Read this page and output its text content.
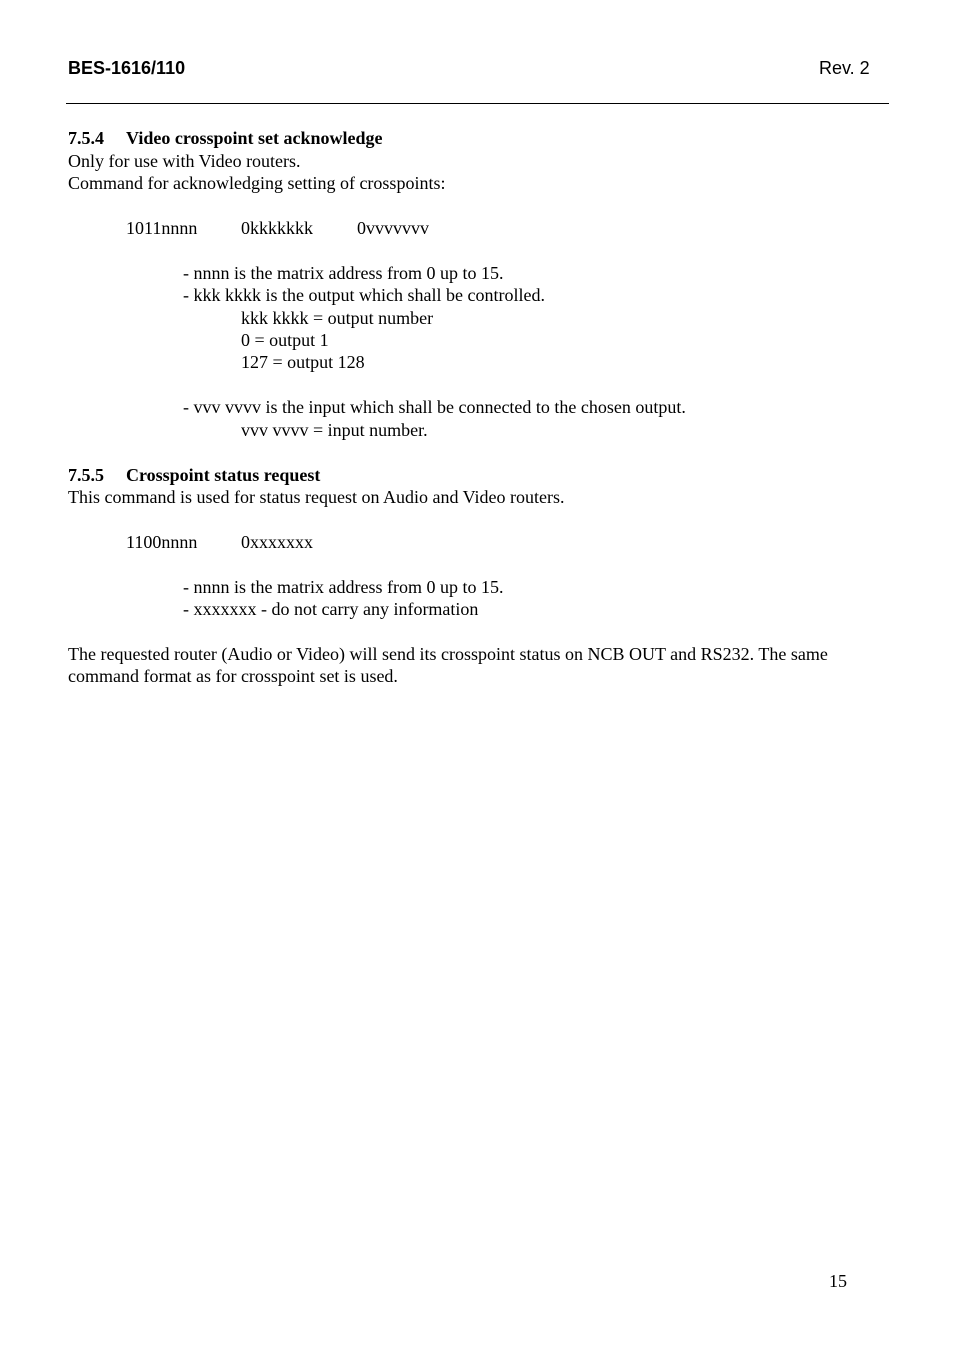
BES-1616/110	Rev. 2
7.5.4 Video crosspoint set acknowledge
Only for use with Video routers.
Command for acknowledging setting of crosspoints:
1011nnnn 0kkkkkkk 0vvvvvvv
- nnnn is the matrix address from 0 up to 15.
- kkk kkkk is the output which shall be controlled.
kkk kkkk = output number
0 = output 1
127 = output 128
- vvv vvvv is the input which shall be connected to the chosen output.
vvv vvvv = input number.
7.5.5 Crosspoint status request
This command is used for status request on Audio and Video routers.
1100nnnn 0xxxxxxx
- nnnn is the matrix address from 0 up to 15.
- xxxxxxx - do not carry any information
The requested router (Audio or Video) will send its crosspoint status on NCB OUT and RS232. The same
command format as for crosspoint set is used.
15
